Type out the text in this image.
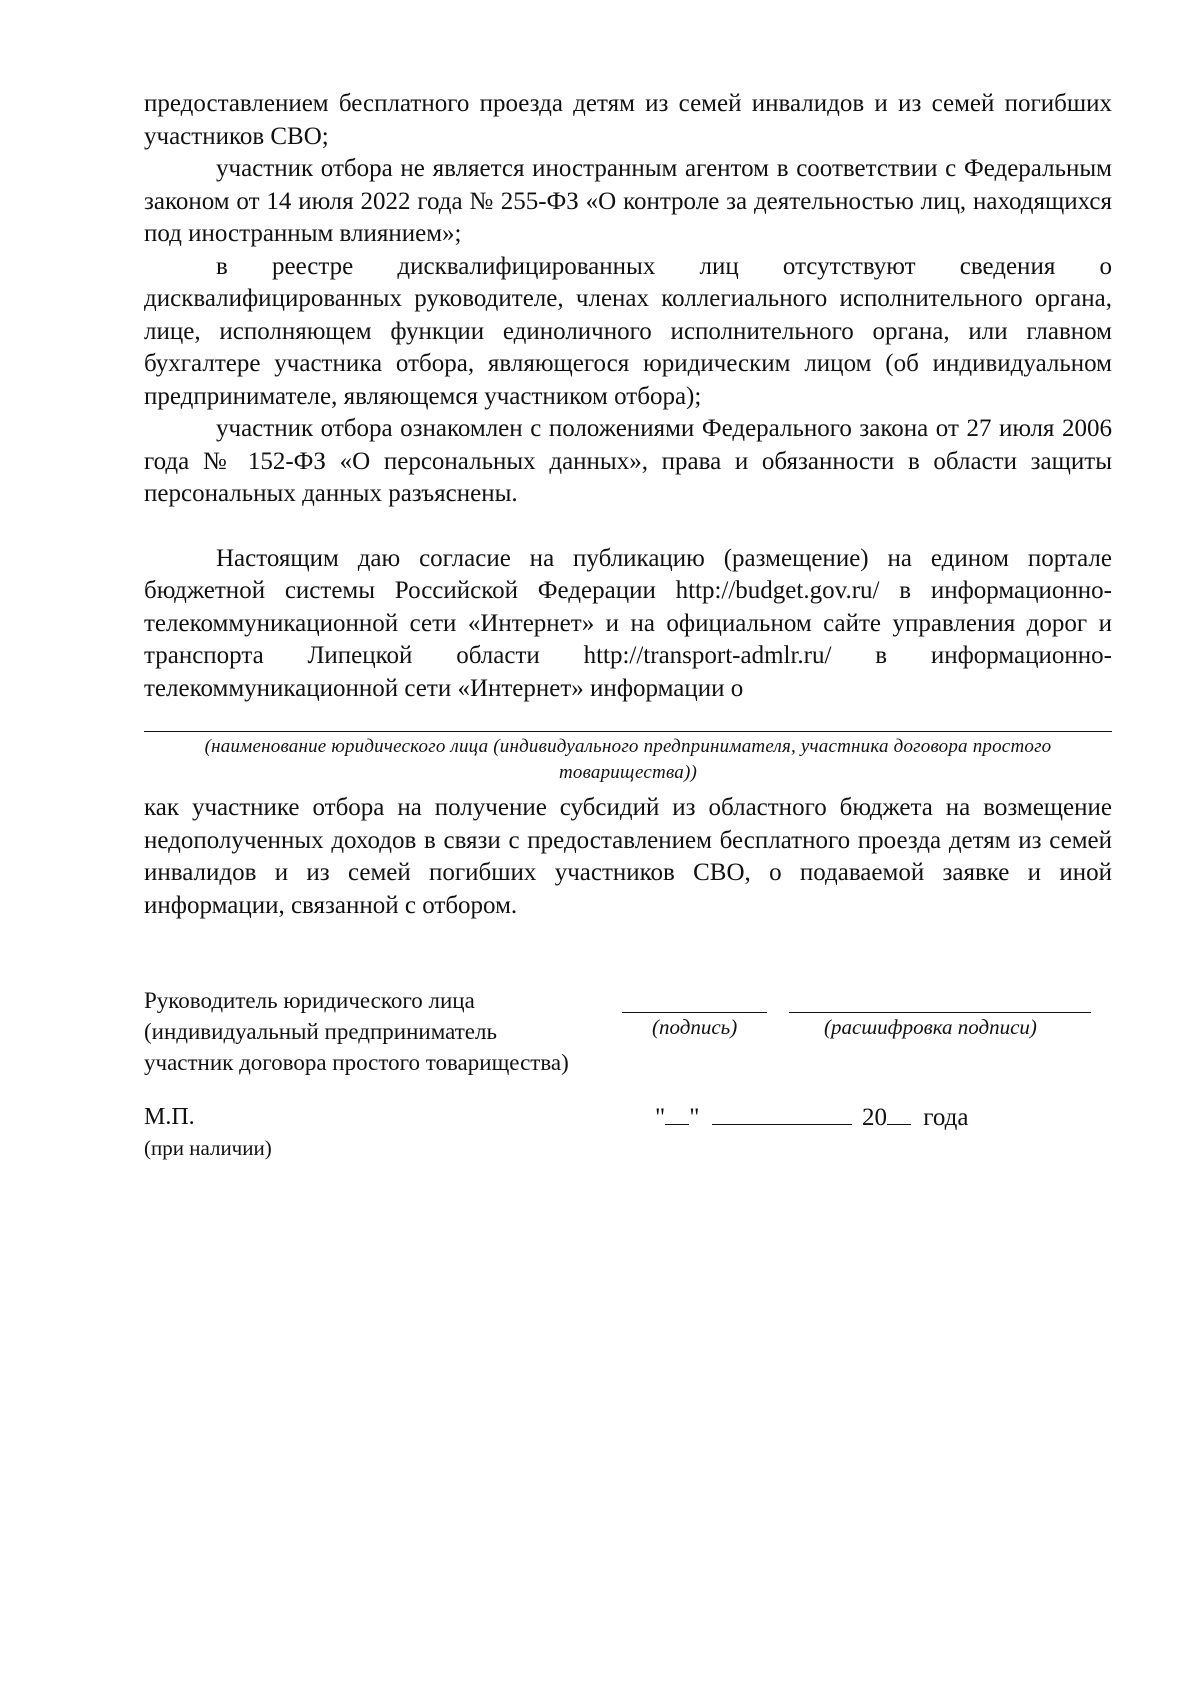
предоставлением бесплатного проезда детям из семей инвалидов и из семей погибших участников СВО;

участник отбора не является иностранным агентом в соответствии с Федеральным законом от 14 июля 2022 года № 255-ФЗ «О контроле за деятельностью лиц, находящихся под иностранным влиянием»;

в реестре дисквалифицированных лиц отсутствуют сведения о дисквалифицированных руководителе, членах коллегиального исполнительного органа, лице, исполняющем функции единоличного исполнительного органа, или главном бухгалтере участника отбора, являющегося юридическим лицом (об индивидуальном предпринимателе, являющемся участником отбора);

участник отбора ознакомлен с положениями Федерального закона от 27 июля 2006 года № 152-ФЗ «О персональных данных», права и обязанности в области защиты персональных данных разъяснены.

Настоящим даю согласие на публикацию (размещение) на едином портале бюджетной системы Российской Федерации http://budget.gov.ru/ в информационно-телекоммуникационной сети «Интернет» и на официальном сайте управления дорог и транспорта Липецкой области http://transport-admlr.ru/ в информационно-телекоммуникационной сети «Интернет» информации о

(наименование юридического лица (индивидуального предпринимателя, участника договора простого товарищества))

как участнике отбора на получение субсидий из областного бюджета на возмещение недополученных доходов в связи с предоставлением бесплатного проезда детям из семей инвалидов и из семей погибших участников СВО, о подаваемой заявке и иной информации, связанной с отбором.

Руководитель юридического лица
(индивидуальный предприниматель
участник договора простого товарищества)
(подпись)	(расшифровка подписи)
М.П.
(при наличии)
" "	20 года
